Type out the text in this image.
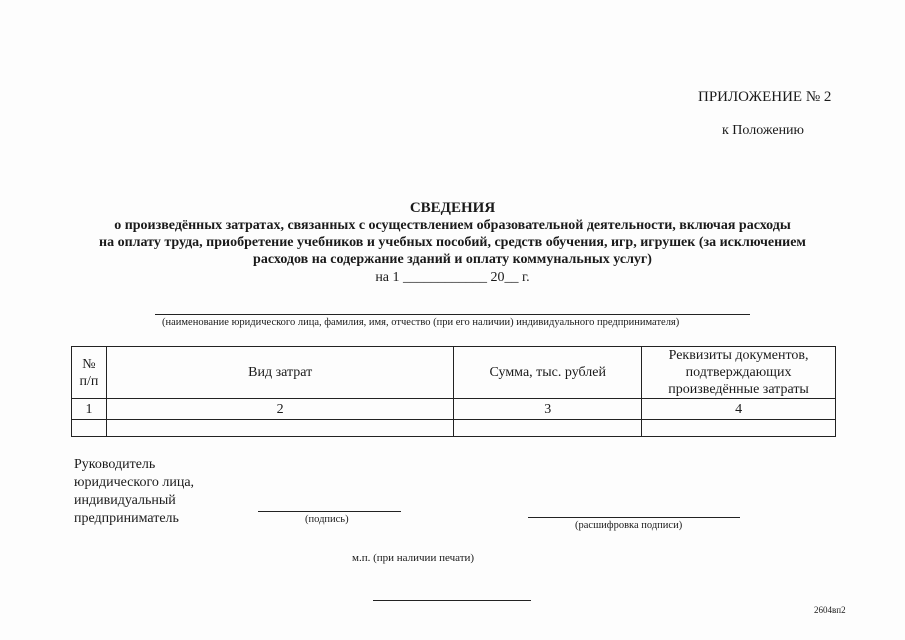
ПРИЛОЖЕНИЕ № 2
к Положению
СВЕДЕНИЯ
о произведённых затратах, связанных с осуществлением образовательной деятельности, включая расходы
на оплату труда, приобретение учебников и учебных пособий, средств обучения, игр, игрушек (за исключением
расходов на содержание зданий и оплату коммунальных услуг)
на 1 ____________ 20__ г.
(наименование юридического лица, фамилия, имя, отчество (при его наличии) индивидуального предпринимателя)
№ п/п	Вид затрат	Сумма, тыс. рублей	Реквизиты документов, подтверждающих произведённые затраты
1	2	3	4

Руководитель
юридического лица,
индивидуальный
предприниматель	(подпись)
(расшифровка подписи)
м.п. (при наличии печати)
2604вп2
